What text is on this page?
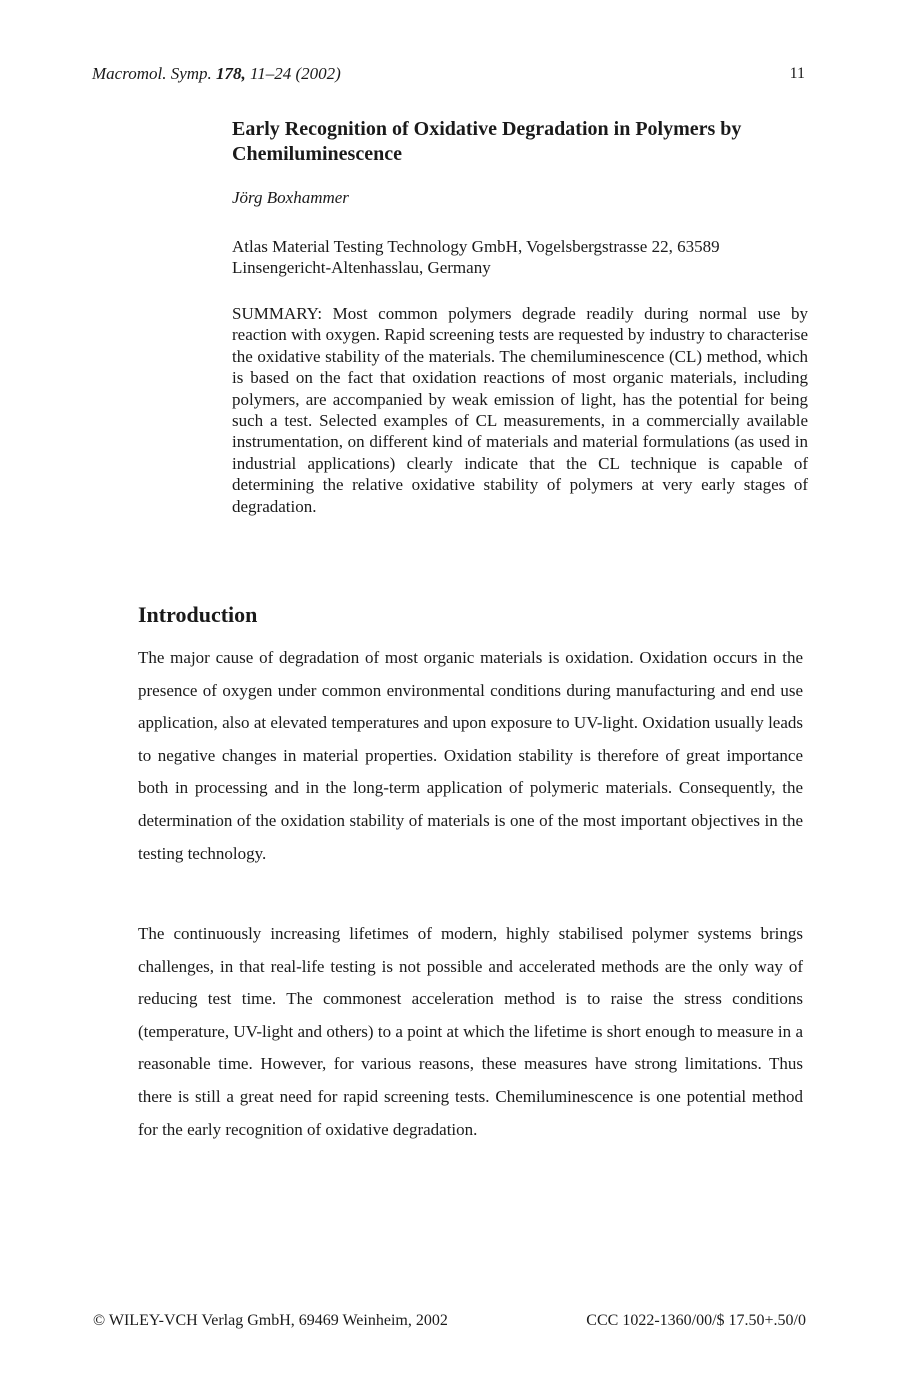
Macromol. Symp. 178, 11–24 (2002)	11
Early Recognition of Oxidative Degradation in Polymers by Chemiluminescence
Jörg Boxhammer
Atlas Material Testing Technology GmbH, Vogelsbergstrasse 22, 63589 Linsengericht-Altenhasslau, Germany

SUMMARY: Most common polymers degrade readily during normal use by reaction with oxygen. Rapid screening tests are requested by industry to characterise the oxidative stability of the materials. The chemiluminescence (CL) method, which is based on the fact that oxidation reactions of most organic materials, including polymers, are accompanied by weak emission of light, has the potential for being such a test. Selected examples of CL measurements, in a commercially available instrumentation, on different kind of materials and material formulations (as used in industrial applications) clearly indicate that the CL technique is capable of determining the relative oxidative stability of polymers at very early stages of degradation.

Introduction

The major cause of degradation of most organic materials is oxidation. Oxidation occurs in the presence of oxygen under common environmental conditions during manufacturing and end use application, also at elevated temperatures and upon exposure to UV-light. Oxidation usually leads to negative changes in material properties. Oxidation stability is therefore of great importance both in processing and in the long-term application of polymeric materials. Consequently, the determination of the oxidation stability of materials is one of the most important objectives in the testing technology.

The continuously increasing lifetimes of modern, highly stabilised polymer systems brings challenges, in that real-life testing is not possible and accelerated methods are the only way of reducing test time. The commonest acceleration method is to raise the stress conditions (temperature, UV-light and others) to a point at which the lifetime is short enough to measure in a reasonable time. However, for various reasons, these measures have strong limitations. Thus there is still a great need for rapid screening tests. Chemiluminescence is one potential method for the early recognition of oxidative degradation.

© WILEY-VCH Verlag GmbH, 69469 Weinheim, 2002	CCC 1022-1360/00/$ 17.50+.50/0
